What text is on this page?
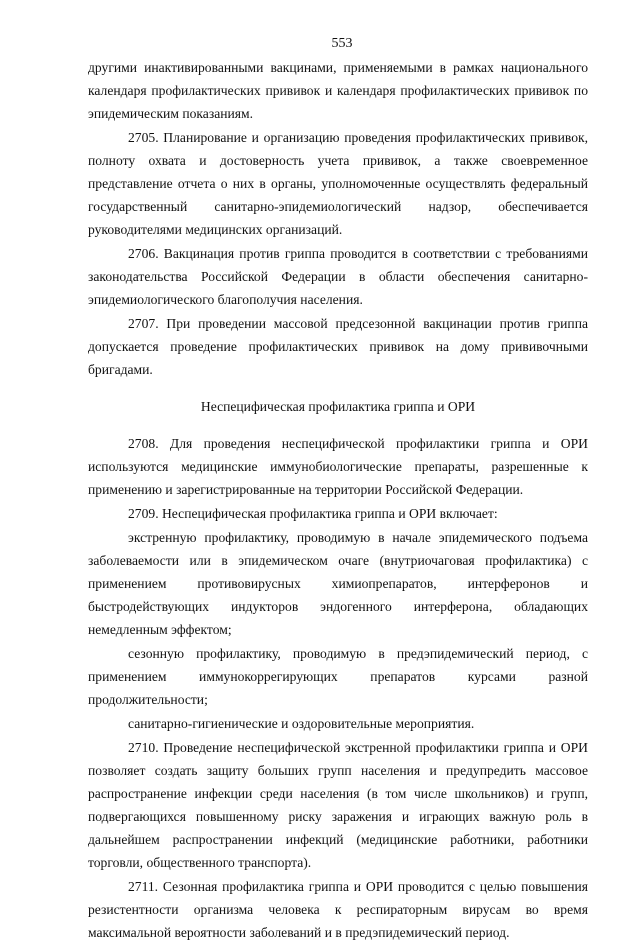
553

другими инактивированными вакцинами, применяемыми в рамках национального календаря профилактических прививок и календаря профилактических прививок по эпидемическим показаниям.

2705. Планирование и организацию проведения профилактических прививок, полноту охвата и достоверность учета прививок, а также своевременное представление отчета о них в органы, уполномоченные осуществлять федеральный государственный санитарно-эпидемиологический надзор, обеспечивается руководителями медицинских организаций.

2706. Вакцинация против гриппа проводится в соответствии с требованиями законодательства Российской Федерации в области обеспечения санитарно-эпидемиологического благополучия населения.

2707. При проведении массовой предсезонной вакцинации против гриппа допускается проведение профилактических прививок на дому прививочными бригадами.

Неспецифическая профилактика гриппа и ОРИ

2708. Для проведения неспецифической профилактики гриппа и ОРИ используются медицинские иммунобиологические препараты, разрешенные к применению и зарегистрированные на территории Российской Федерации.

2709. Неспецифическая профилактика гриппа и ОРИ включает:

экстренную профилактику, проводимую в начале эпидемического подъема заболеваемости или в эпидемическом очаге (внутриочаговая профилактика) с применением противовирусных химиопрепаратов, интерферонов и быстродействующих индукторов эндогенного интерферона, обладающих немедленным эффектом;

сезонную профилактику, проводимую в предэпидемический период, с применением иммунокоррегирующих препаратов курсами разной продолжительности;

санитарно-гигиенические и оздоровительные мероприятия.

2710. Проведение неспецифической экстренной профилактики гриппа и ОРИ позволяет создать защиту больших групп населения и предупредить массовое распространение инфекции среди населения (в том числе школьников) и групп, подвергающихся повышенному риску заражения и играющих важную роль в дальнейшем распространении инфекций (медицинские работники, работники торговли, общественного транспорта).

2711. Сезонная профилактика гриппа и ОРИ проводится с целью повышения резистентности организма человека к респираторным вирусам во время максимальной вероятности заболеваний и в предэпидемический период.
